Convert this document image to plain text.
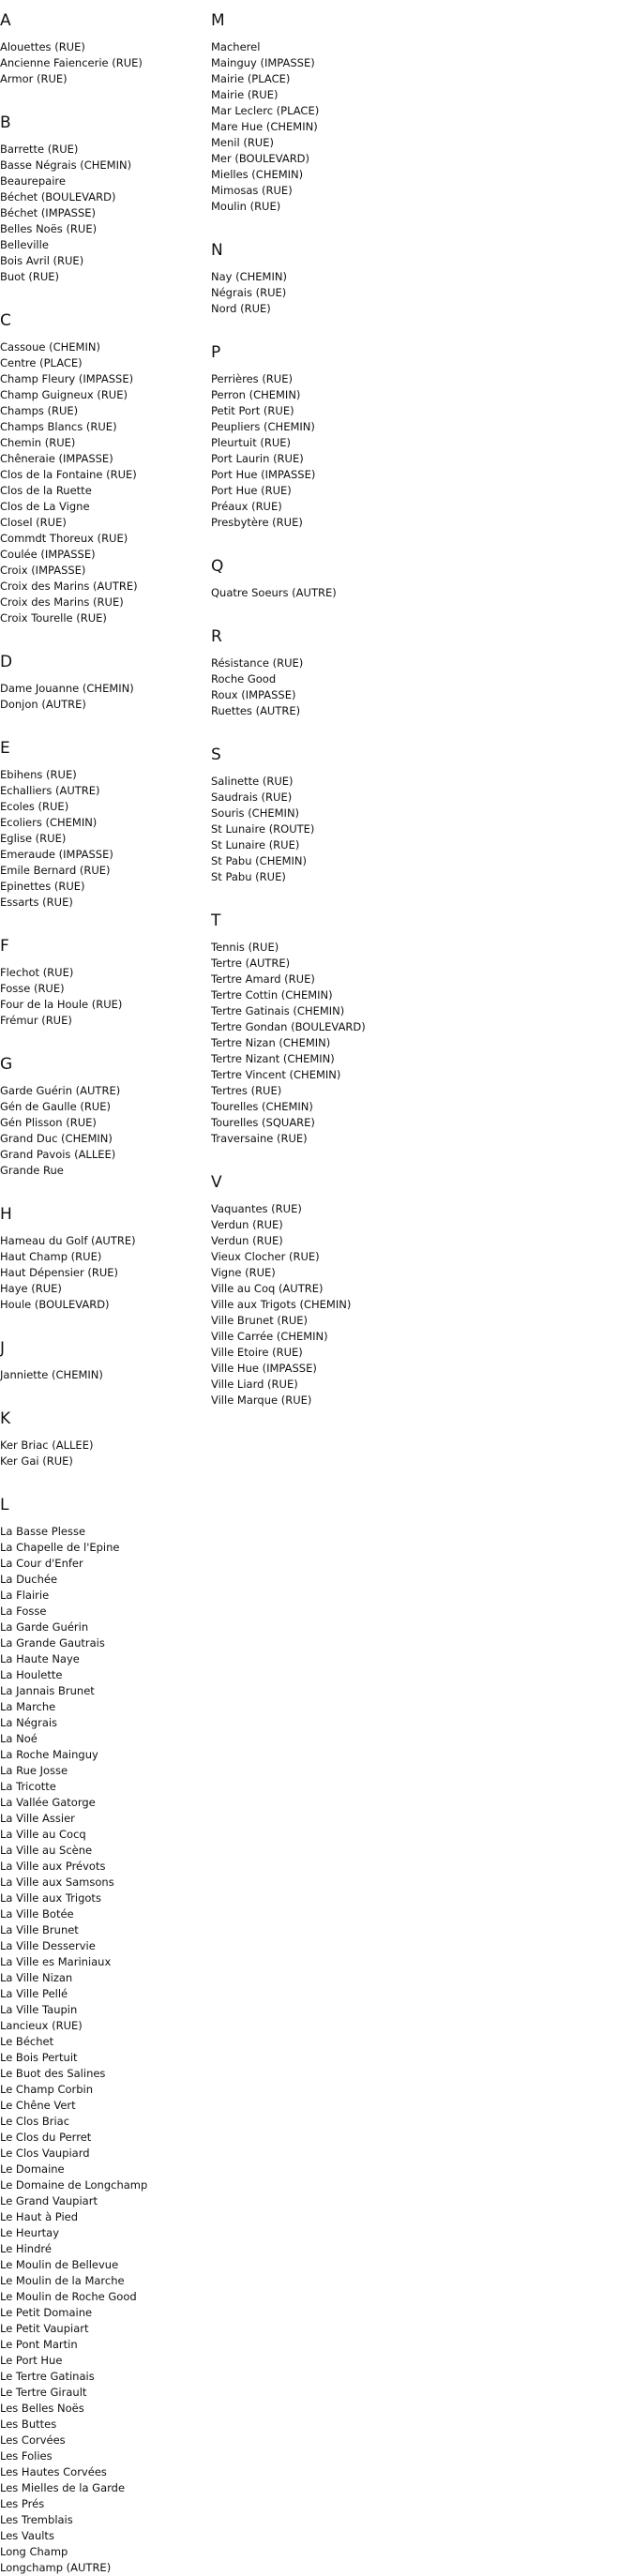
A
Alouettes (RUE)
Ancienne Faiencerie (RUE)
Armor (RUE)
B
Barrette (RUE)
Basse Négrais (CHEMIN)
Beaurepaire
Béchet (BOULEVARD)
Béchet (IMPASSE)
Belles Noës (RUE)
Belleville
Bois Avril (RUE)
Buot (RUE)
C
Cassoue (CHEMIN)
Centre (PLACE)
Champ Fleury (IMPASSE)
Champ Guigneux (RUE)
Champs (RUE)
Champs Blancs (RUE)
Chemin (RUE)
Chêneraie (IMPASSE)
Clos de la Fontaine (RUE)
Clos de la Ruette
Clos de La Vigne
Closel (RUE)
Commdt Thoreux (RUE)
Coulée (IMPASSE)
Croix (IMPASSE)
Croix des Marins (AUTRE)
Croix des Marins (RUE)
Croix Tourelle (RUE)
D
Dame Jouanne (CHEMIN)
Donjon (AUTRE)
E
Ebihens (RUE)
Echalliers (AUTRE)
Ecoles (RUE)
Ecoliers (CHEMIN)
Eglise (RUE)
Emeraude (IMPASSE)
Emile Bernard (RUE)
Epinettes (RUE)
Essarts (RUE)
F
Flechot (RUE)
Fosse (RUE)
Four de la Houle (RUE)
Frémur (RUE)
G
Garde Guérin (AUTRE)
Gén de Gaulle (RUE)
Gén Plisson (RUE)
Grand Duc (CHEMIN)
Grand Pavois (ALLEE)
Grande Rue
H
Hameau du Golf (AUTRE)
Haut Champ (RUE)
Haut Dépensier (RUE)
Haye (RUE)
Houle (BOULEVARD)
J
Janniette (CHEMIN)
K
Ker Briac (ALLEE)
Ker Gai (RUE)
L
La Basse Plesse
La Chapelle de l'Epine
La Cour d'Enfer
La Duchée
La Flairie
La Fosse
La Garde Guérin
La Grande Gautrais
La Haute Naye
La Houlette
La Jannais Brunet
La Marche
La Négrais
La Noé
La Roche Mainguy
La Rue Josse
La Tricotte
La Vallée Gatorge
La Ville Assier
La Ville au Cocq
La Ville au Scène
La Ville aux Prévots
La Ville aux Samsons
La Ville aux Trigots
La Ville Botée
La Ville Brunet
La Ville Desservie
La Ville es Mariniaux
La Ville Nizan
La Ville Pellé
La Ville Taupin
Lancieux (RUE)
Le Béchet
Le Bois Pertuit
Le Buot des Salines
Le Champ Corbin
Le Chêne Vert
Le Clos Briac
Le Clos du Perret
Le Clos Vaupiard
Le Domaine
Le Domaine de Longchamp
Le Grand Vaupiart
Le Haut à Pied
Le Heurtay
Le Hindré
Le Moulin de Bellevue
Le Moulin de la Marche
Le Moulin de Roche Good
Le Petit Domaine
Le Petit Vaupiart
Le Pont Martin
Le Port Hue
Le Tertre Gatinais
Le Tertre Girault
Les Belles Noës
Les Buttes
Les Corvées
Les Folies
Les Hautes Corvées
Les Mielles de la Garde
Les Prés
Les Tremblais
Les Vaults
Long Champ
Longchamp (AUTRE)
M
Macherel
Mainguy (IMPASSE)
Mairie (PLACE)
Mairie (RUE)
Mar Leclerc (PLACE)
Mare Hue (CHEMIN)
Menil (RUE)
Mer (BOULEVARD)
Mielles (CHEMIN)
Mimosas (RUE)
Moulin (RUE)
N
Nay (CHEMIN)
Négrais (RUE)
Nord (RUE)
P
Perrières (RUE)
Perron (CHEMIN)
Petit Port (RUE)
Peupliers (CHEMIN)
Pleurtuit (RUE)
Port Laurin (RUE)
Port Hue (IMPASSE)
Port Hue (RUE)
Préaux (RUE)
Presbytère (RUE)
Q
Quatre Soeurs (AUTRE)
R
Résistance (RUE)
Roche Good
Roux (IMPASSE)
Ruettes (AUTRE)
S
Salinette (RUE)
Saudrais (RUE)
Souris (CHEMIN)
St Lunaire (ROUTE)
St Lunaire (RUE)
St Pabu (CHEMIN)
St Pabu (RUE)
T
Tennis (RUE)
Tertre (AUTRE)
Tertre Amard (RUE)
Tertre Cottin (CHEMIN)
Tertre Gatinais (CHEMIN)
Tertre Gondan (BOULEVARD)
Tertre Nizan (CHEMIN)
Tertre Nizant (CHEMIN)
Tertre Vincent (CHEMIN)
Tertres (RUE)
Tourelles (CHEMIN)
Tourelles (SQUARE)
Traversaine (RUE)
V
Vaquantes (RUE)
Verdun (RUE)
Verdun (RUE)
Vieux Clocher (RUE)
Vigne (RUE)
Ville au Coq (AUTRE)
Ville aux Trigots (CHEMIN)
Ville Brunet (RUE)
Ville Carrée (CHEMIN)
Ville Etoire (RUE)
Ville Hue (IMPASSE)
Ville Liard (RUE)
Ville Marque (RUE)
